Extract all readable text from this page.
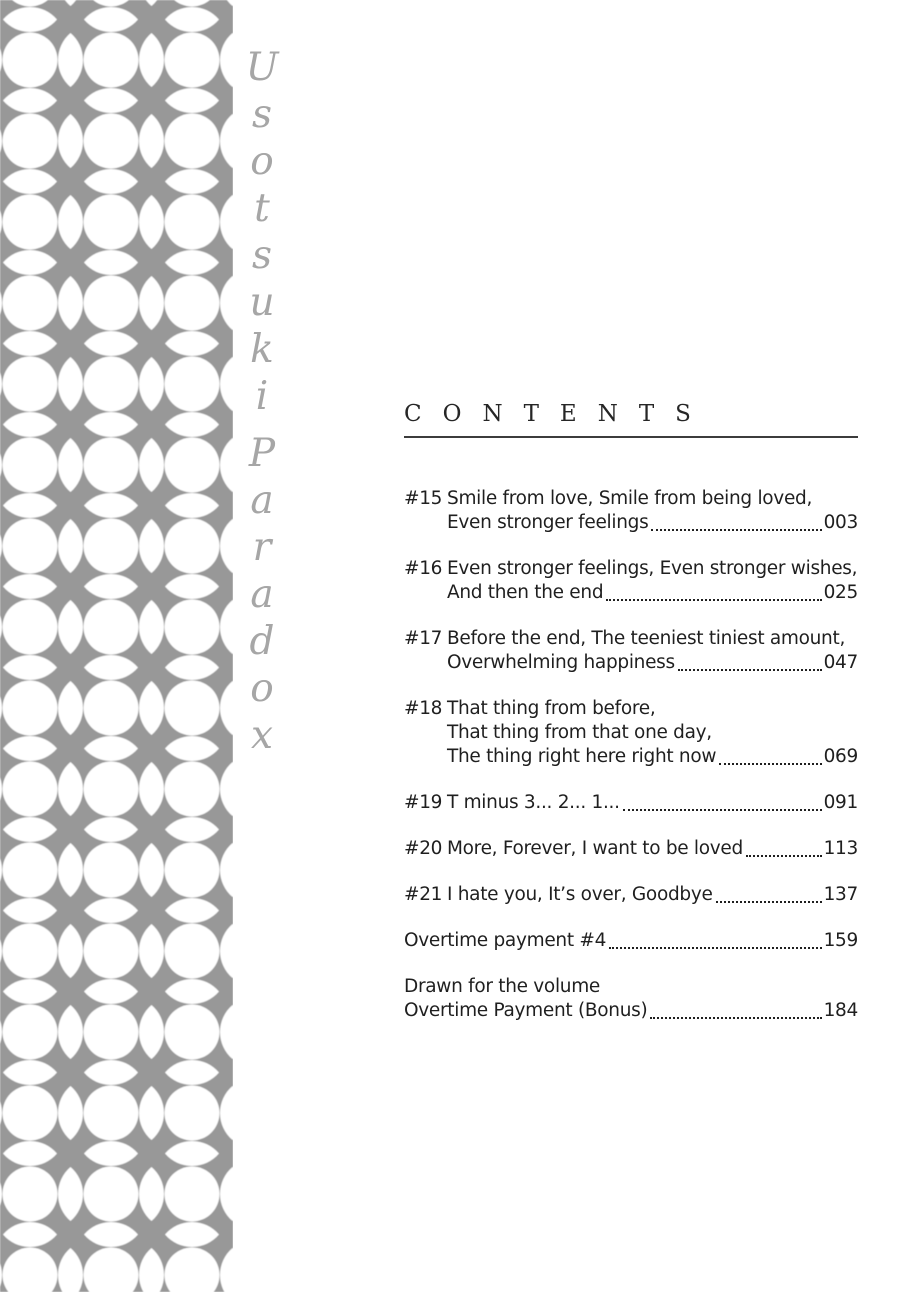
U
s
o
t
s
u
k
i
P
a
r
a
d
o
x
CONTENTS
#15 Smile from love, Smile from being loved,
Even stronger feelings	003
#16 Even stronger feelings, Even stronger wishes,
And then the end	025
#17 Before the end, The teeniest tiniest amount,
Overwhelming happiness	047
#18 That thing from before,
That thing from that one day,
The thing right here right now	069
#19 T minus 3... 2... 1...	091
#20 More, Forever, I want to be loved	113
#21 I hate you, It’s over, Goodbye	137
Overtime payment #4	159
Drawn for the volume
Overtime Payment (Bonus)	184
